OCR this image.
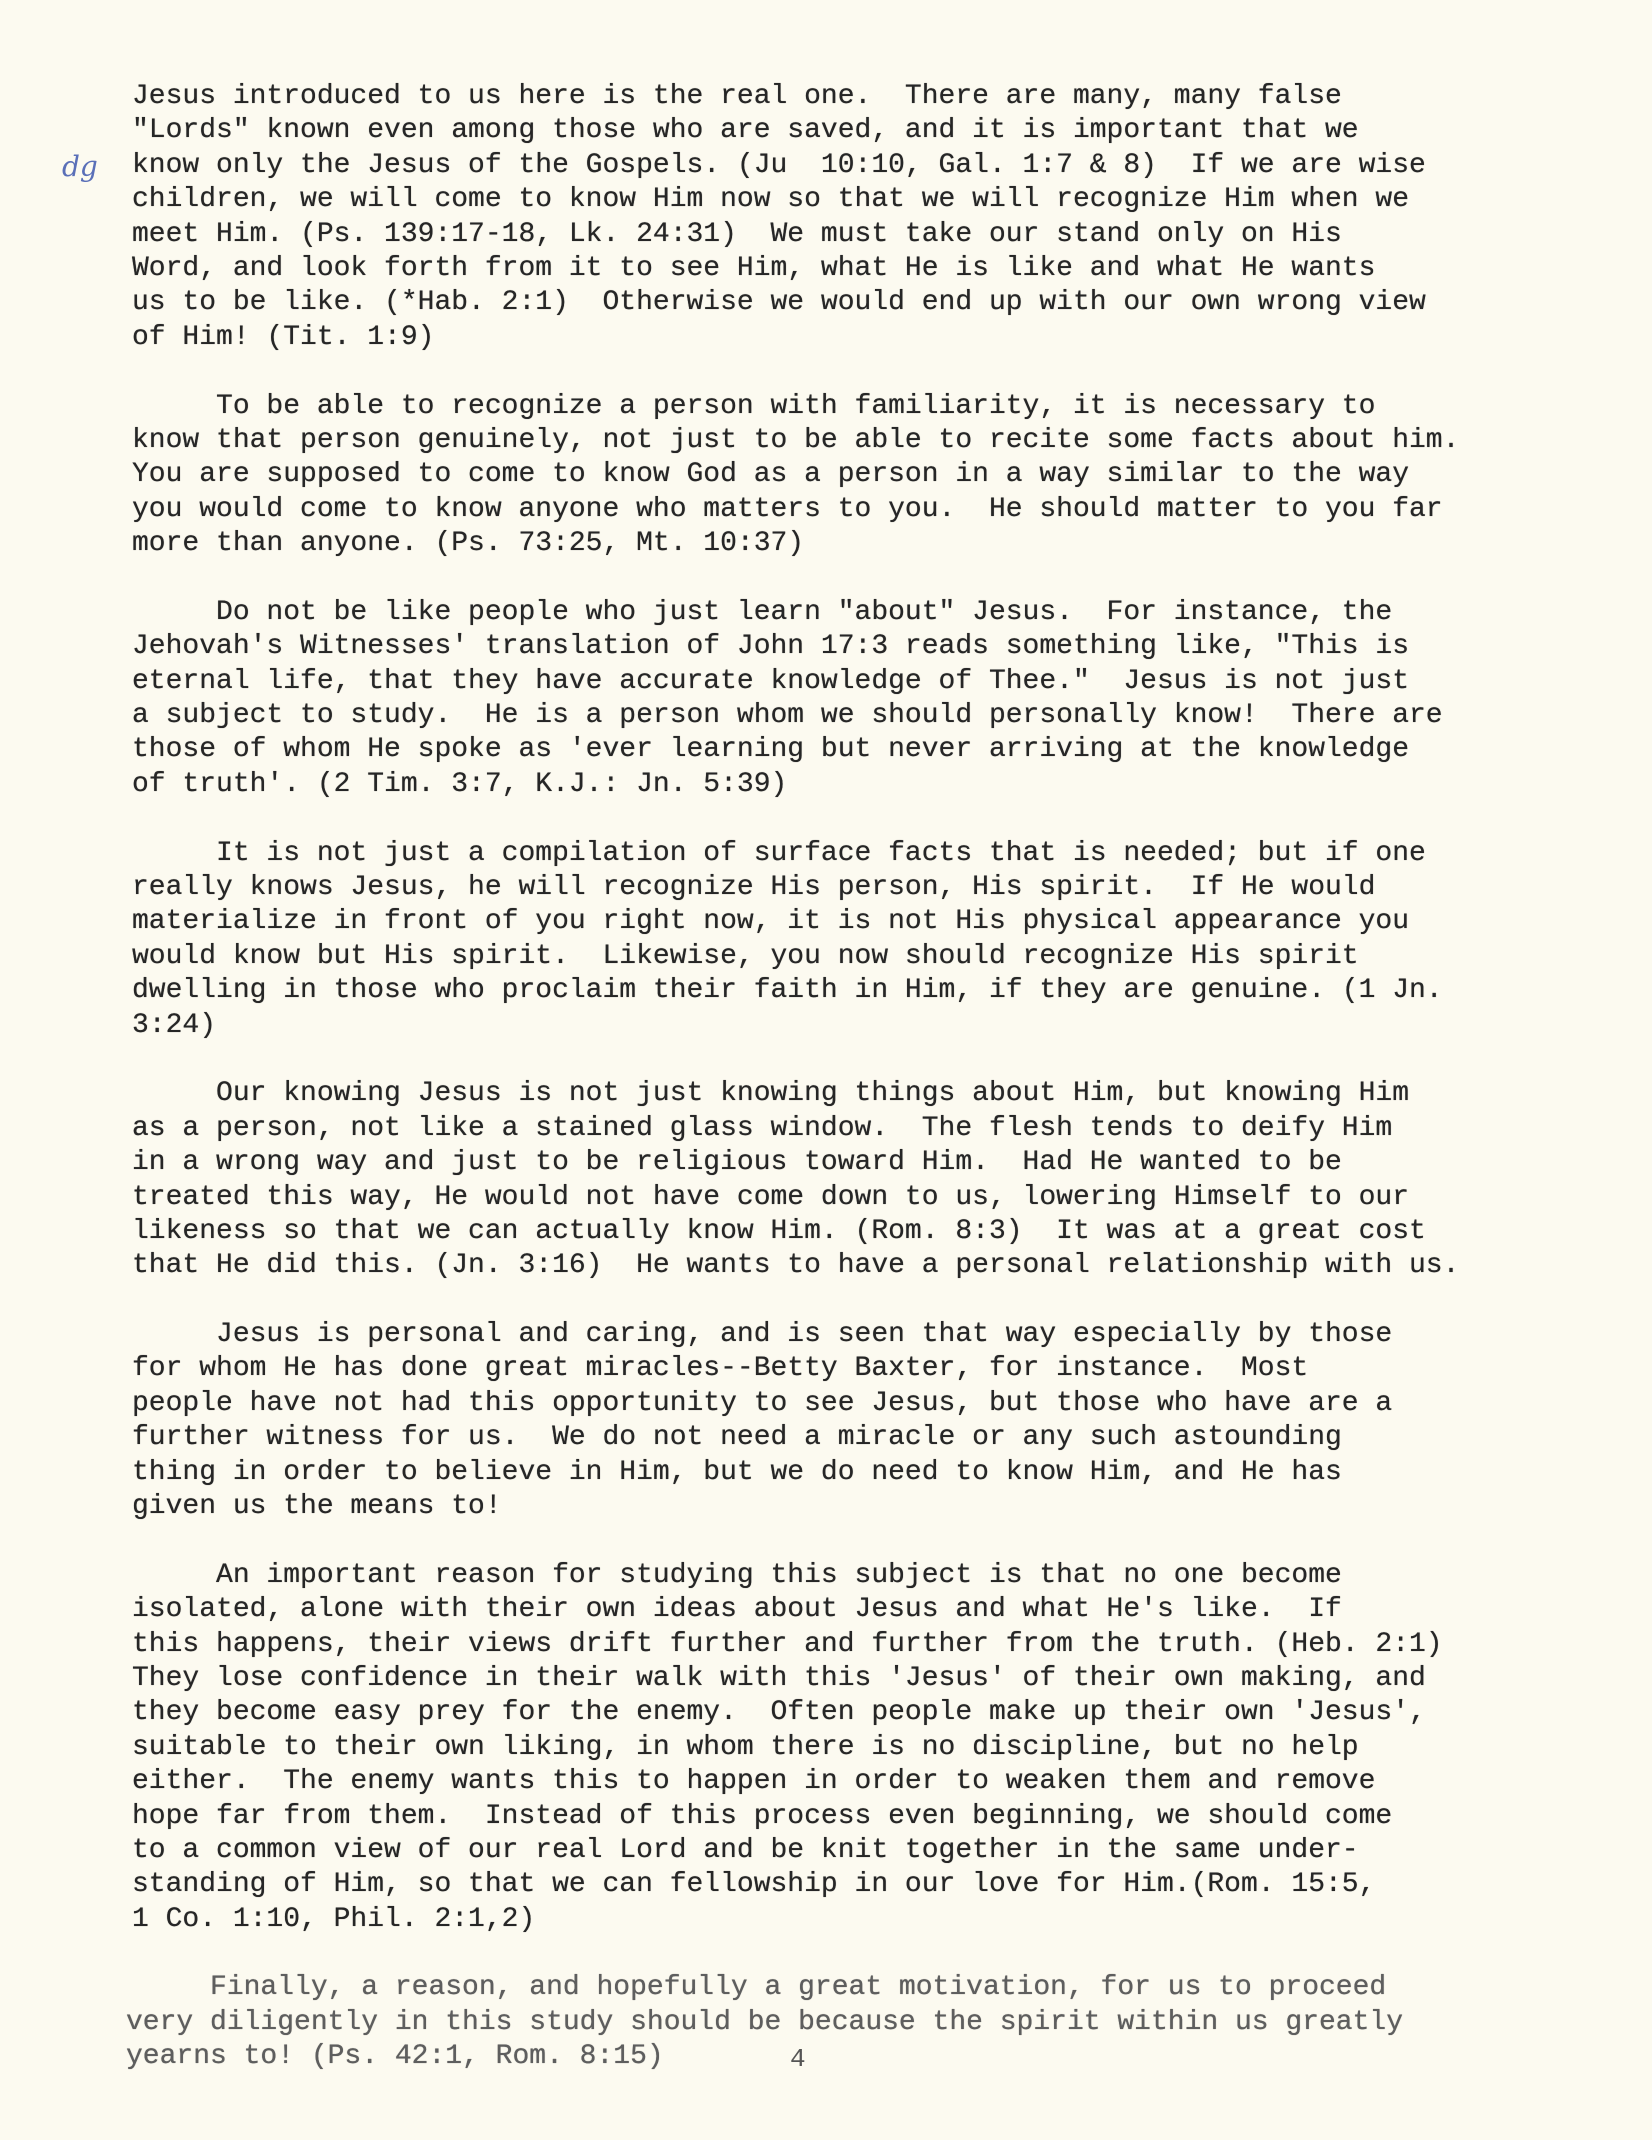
Jesus introduced to us here is the real one.  There are many, many false
"Lords" known even among those who are saved, and it is important that we
know only the Jesus of the Gospels. (Ju  10:10, Gal. 1:7 & 8)  If we are wise
children, we will come to know Him now so that we will recognize Him when we
meet Him. (Ps. 139:17-18, Lk. 24:31)  We must take our stand only on His
Word, and look forth from it to see Him, what He is like and what He wants
us to be like. (*Hab. 2:1)  Otherwise we would end up with our own wrong view
of Him! (Tit. 1:9)
To be able to recognize a person with familiarity, it is necessary to
know that person genuinely, not just to be able to recite some facts about him.
You are supposed to come to know God as a person in a way similar to the way
you would come to know anyone who matters to you.  He should matter to you far
more than anyone. (Ps. 73:25, Mt. 10:37)
Do not be like people who just learn "about" Jesus.  For instance, the
Jehovah's Witnesses' translation of John 17:3 reads something like, "This is
eternal life, that they have accurate knowledge of Thee."  Jesus is not just
a subject to study.  He is a person whom we should personally know!  There are
those of whom He spoke as 'ever learning but never arriving at the knowledge
of truth'. (2 Tim. 3:7, K.J.: Jn. 5:39)
It is not just a compilation of surface facts that is needed; but if one
really knows Jesus, he will recognize His person, His spirit.  If He would
materialize in front of you right now, it is not His physical appearance you
would know but His spirit.  Likewise, you now should recognize His spirit
dwelling in those who proclaim their faith in Him, if they are genuine. (1 Jn.
3:24)
Our knowing Jesus is not just knowing things about Him, but knowing Him
as a person, not like a stained glass window.  The flesh tends to deify Him
in a wrong way and just to be religious toward Him.  Had He wanted to be
treated this way, He would not have come down to us, lowering Himself to our
likeness so that we can actually know Him. (Rom. 8:3)  It was at a great cost
that He did this. (Jn. 3:16)  He wants to have a personal relationship with us.
Jesus is personal and caring, and is seen that way especially by those
for whom He has done great miracles--Betty Baxter, for instance.  Most
people have not had this opportunity to see Jesus, but those who have are a
further witness for us.  We do not need a miracle or any such astounding
thing in order to believe in Him, but we do need to know Him, and He has
given us the means to!
An important reason for studying this subject is that no one become
isolated, alone with their own ideas about Jesus and what He's like.  If
this happens, their views drift further and further from the truth. (Heb. 2:1)
They lose confidence in their walk with this 'Jesus' of their own making, and
they become easy prey for the enemy.  Often people make up their own 'Jesus',
suitable to their own liking, in whom there is no discipline, but no help
either.  The enemy wants this to happen in order to weaken them and remove
hope far from them.  Instead of this process even beginning, we should come
to a common view of our real Lord and be knit together in the same under-
standing of Him, so that we can fellowship in our love for Him.(Rom. 15:5,
1 Co. 1:10, Phil. 2:1,2)
Finally, a reason, and hopefully a great motivation, for us to proceed
very diligently in this study should be because the spirit within us greatly
yearns to! (Ps. 42:1, Rom. 8:15)
dg
4
